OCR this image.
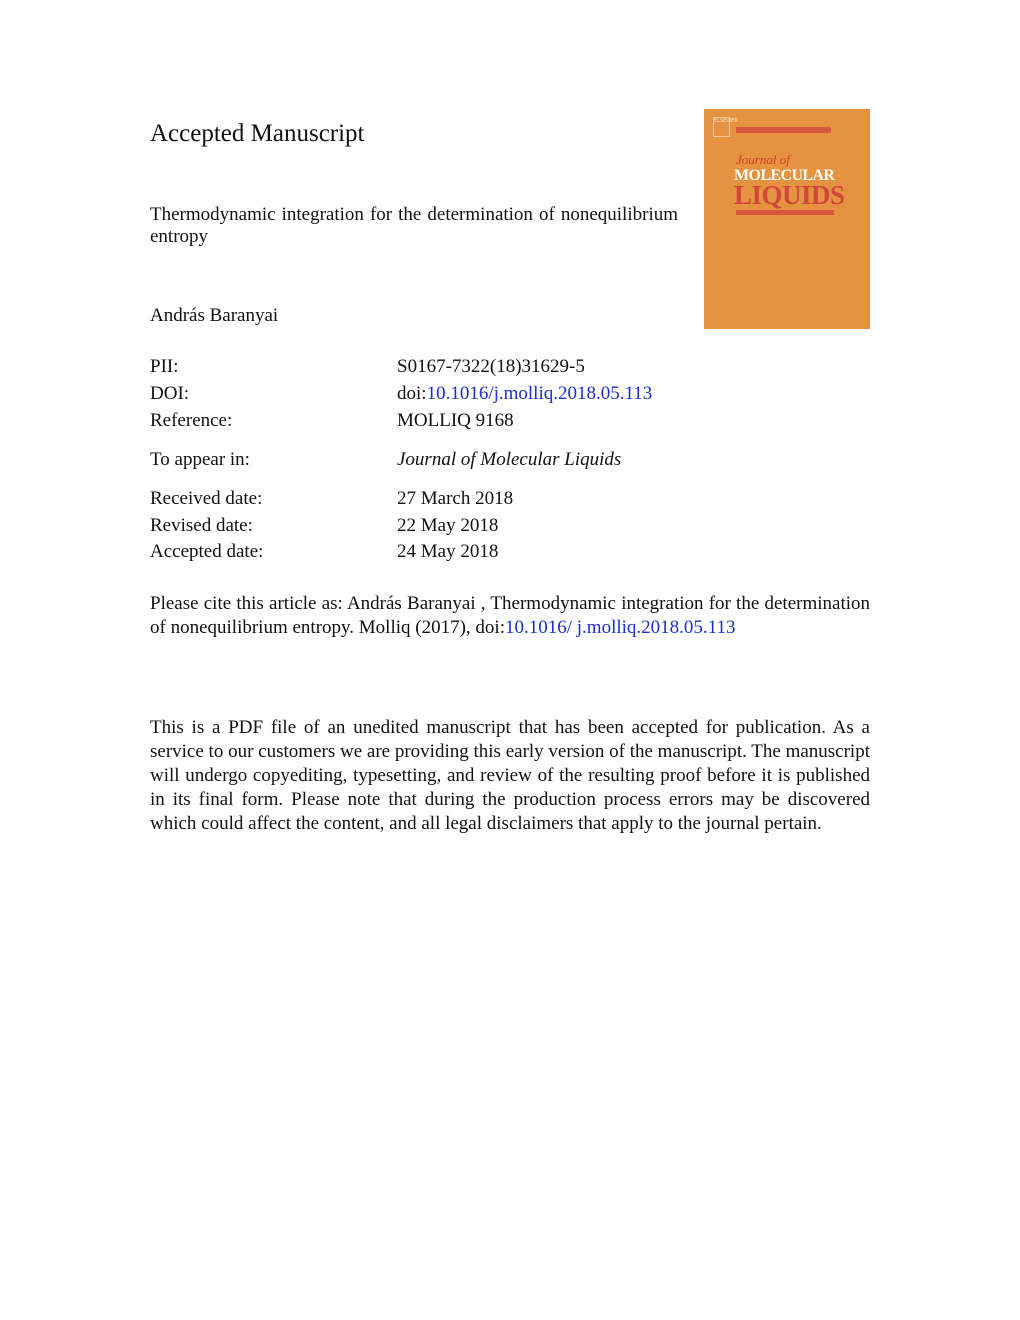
Accepted Manuscript
Thermodynamic integration for the determination of nonequilibrium entropy
András Baranyai
ELSEVIER
Journal of
MOLECULAR
LIQUIDS
PII:	S0167-7322(18)31629-5
DOI:	doi:10.1016/j.molliq.2018.05.113
Reference:	MOLLIQ 9168
To appear in:	Journal of Molecular Liquids
Received date:	27 March 2018
Revised date:	22 May 2018
Accepted date:	24 May 2018
Please cite this article as: András Baranyai , Thermodynamic integration for the determination of nonequilibrium entropy. Molliq (2017), doi:10.1016/ j.molliq.2018.05.113
This is a PDF file of an unedited manuscript that has been accepted for publication. As a service to our customers we are providing this early version of the manuscript. The manuscript will undergo copyediting, typesetting, and review of the resulting proof before it is published in its final form. Please note that during the production process errors may be discovered which could affect the content, and all legal disclaimers that apply to the journal pertain.
